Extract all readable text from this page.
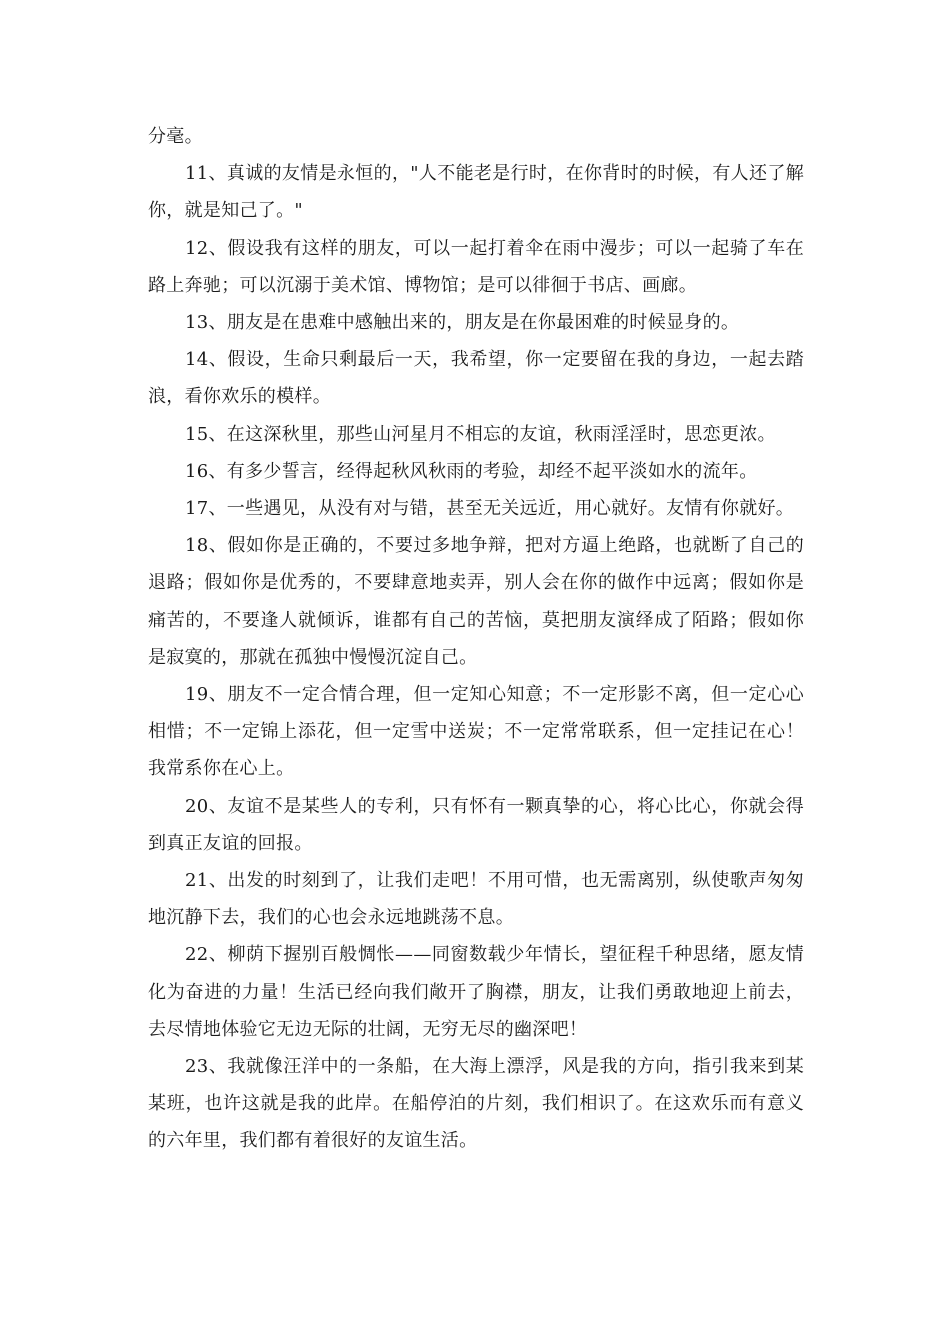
分毫。

11、真诚的友情是永恒的，"人不能老是行时，在你背时的时候，有人还了解你，就是知己了。"

12、假设我有这样的朋友，可以一起打着伞在雨中漫步；可以一起骑了车在路上奔驰；可以沉溺于美术馆、博物馆；是可以徘徊于书店、画廊。

13、朋友是在患难中感触出来的，朋友是在你最困难的时候显身的。

14、假设，生命只剩最后一天，我希望，你一定要留在我的身边，一起去踏浪，看你欢乐的模样。

15、在这深秋里，那些山河星月不相忘的友谊，秋雨淫淫时，思恋更浓。

16、有多少誓言，经得起秋风秋雨的考验，却经不起平淡如水的流年。

17、一些遇见，从没有对与错，甚至无关远近，用心就好。友情有你就好。

18、假如你是正确的，不要过多地争辩，把对方逼上绝路，也就断了自己的退路；假如你是优秀的，不要肆意地卖弄，别人会在你的做作中远离；假如你是痛苦的，不要逢人就倾诉，谁都有自己的苦恼，莫把朋友演绎成了陌路；假如你是寂寞的，那就在孤独中慢慢沉淀自己。

19、朋友不一定合情合理，但一定知心知意；不一定形影不离，但一定心心相惜；不一定锦上添花，但一定雪中送炭；不一定常常联系，但一定挂记在心！我常系你在心上。

20、友谊不是某些人的专利，只有怀有一颗真挚的心，将心比心，你就会得到真正友谊的回报。

21、出发的时刻到了，让我们走吧！不用可惜，也无需离别，纵使歌声匆匆地沉静下去，我们的心也会永远地跳荡不息。

22、柳荫下握别百般惆怅——同窗数载少年情长，望征程千种思绪，愿友情化为奋进的力量！生活已经向我们敞开了胸襟，朋友，让我们勇敢地迎上前去，去尽情地体验它无边无际的壮阔，无穷无尽的幽深吧！

23、我就像汪洋中的一条船，在大海上漂浮，风是我的方向，指引我来到某某班，也许这就是我的此岸。在船停泊的片刻，我们相识了。在这欢乐而有意义的六年里，我们都有着很好的友谊生活。
